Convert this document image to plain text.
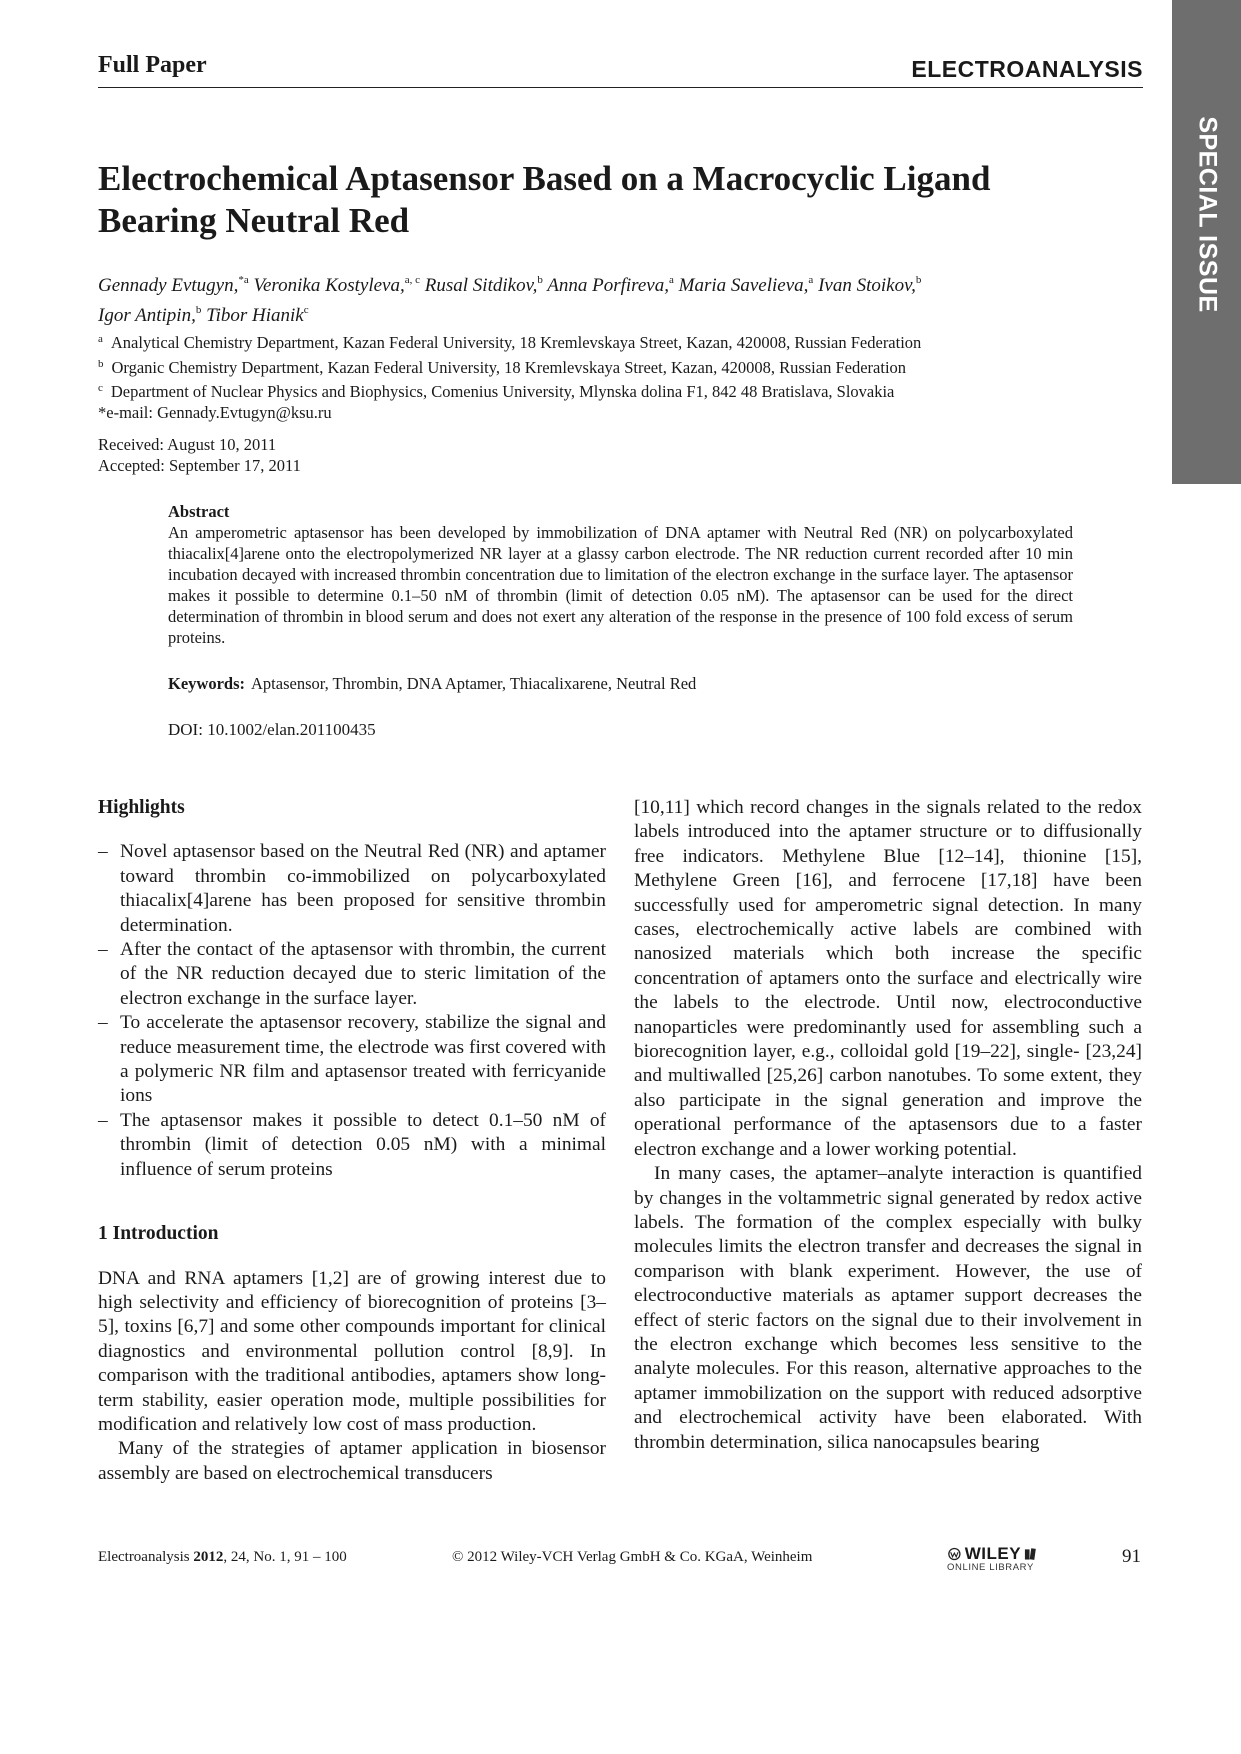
Full Paper	ELECTROANALYSIS
SPECIAL ISSUE
Electrochemical Aptasensor Based on a Macrocyclic Ligand
Bearing Neutral Red
Gennady Evtugyn,$^{*a}$ Veronika Kostyleva,$^{a, c}$ Rusal Sitdikov,$^b$ Anna Porfireva,$^a$ Maria Savelieva,$^a$ Ivan Stoikov,$^b$
Igor Antipin,$^b$ Tibor Hianik$^c$
$^a$ Analytical Chemistry Department, Kazan Federal University, 18 Kremlevskaya Street, Kazan, 420008, Russian Federation
$^b$ Organic Chemistry Department, Kazan Federal University, 18 Kremlevskaya Street, Kazan, 420008, Russian Federation
$^c$ Department of Nuclear Physics and Biophysics, Comenius University, Mlynska dolina F1, 842 48 Bratislava, Slovakia
*e-mail: Gennady.Evtugyn@ksu.ru
Received: August 10, 2011
Accepted: September 17, 2011
Abstract
An amperometric aptasensor has been developed by immobilization of DNA aptamer with Neutral Red (NR) on polycarboxylated thiacalix[4]arene onto the electropolymerized NR layer at a glassy carbon electrode. The NR reduction current recorded after 10 min incubation decayed with increased thrombin concentration due to limitation of the electron exchange in the surface layer. The aptasensor makes it possible to determine 0.1–50 nM of thrombin (limit of detection 0.05 nM). The aptasensor can be used for the direct determination of thrombin in blood serum and does not exert any alteration of the response in the presence of 100 fold excess of serum proteins.
Keywords: Aptasensor, Thrombin, DNA Aptamer, Thiacalixarene, Neutral Red
DOI: 10.1002/elan.201100435
Highlights
– Novel aptasensor based on the Neutral Red (NR) and aptamer toward thrombin co-immobilized on polycarboxylated thiacalix[4]arene has been proposed for sensitive thrombin determination.
– After the contact of the aptasensor with thrombin, the current of the NR reduction decayed due to steric limitation of the electron exchange in the surface layer.
– To accelerate the aptasensor recovery, stabilize the signal and reduce measurement time, the electrode was first covered with a polymeric NR film and aptasensor treated with ferricyanide ions
– The aptasensor makes it possible to detect 0.1–50 nM of thrombin (limit of detection 0.05 nM) with a minimal influence of serum proteins
1 Introduction

DNA and RNA aptamers [1,2] are of growing interest due to high selectivity and efficiency of biorecognition of proteins [3–5], toxins [6,7] and some other compounds important for clinical diagnostics and environmental pollution control [8,9]. In comparison with the traditional antibodies, aptamers show long-term stability, easier operation mode, multiple possibilities for modification and relatively low cost of mass production.

Many of the strategies of aptamer application in biosensor assembly are based on electrochemical transducers

[10,11] which record changes in the signals related to the redox labels introduced into the aptamer structure or to diffusionally free indicators. Methylene Blue [12–14], thionine [15], Methylene Green [16], and ferrocene [17,18] have been successfully used for amperometric signal detection. In many cases, electrochemically active labels are combined with nanosized materials which both increase the specific concentration of aptamers onto the surface and electrically wire the labels to the electrode. Until now, electroconductive nanoparticles were predominantly used for assembling such a biorecognition layer, e.g., colloidal gold [19–22], single- [23,24] and multiwalled [25,26] carbon nanotubes. To some extent, they also participate in the signal generation and improve the operational performance of the aptasensors due to a faster electron exchange and a lower working potential.

In many cases, the aptamer–analyte interaction is quantified by changes in the voltammetric signal generated by redox active labels. The formation of the complex especially with bulky molecules limits the electron transfer and decreases the signal in comparison with blank experiment. However, the use of electroconductive materials as aptamer support decreases the effect of steric factors on the signal due to their involvement in the electron exchange which becomes less sensitive to the analyte molecules. For this reason, alternative approaches to the aptamer immobilization on the support with reduced adsorptive and electrochemical activity have been elaborated. With thrombin determination, silica nanocapsules bearing

Electroanalysis 2012, 24, No. 1, 91 – 100	© 2012 Wiley-VCH Verlag GmbH & Co. KGaA, Weinheim	WILEY
ONLINE LIBRARY
91
